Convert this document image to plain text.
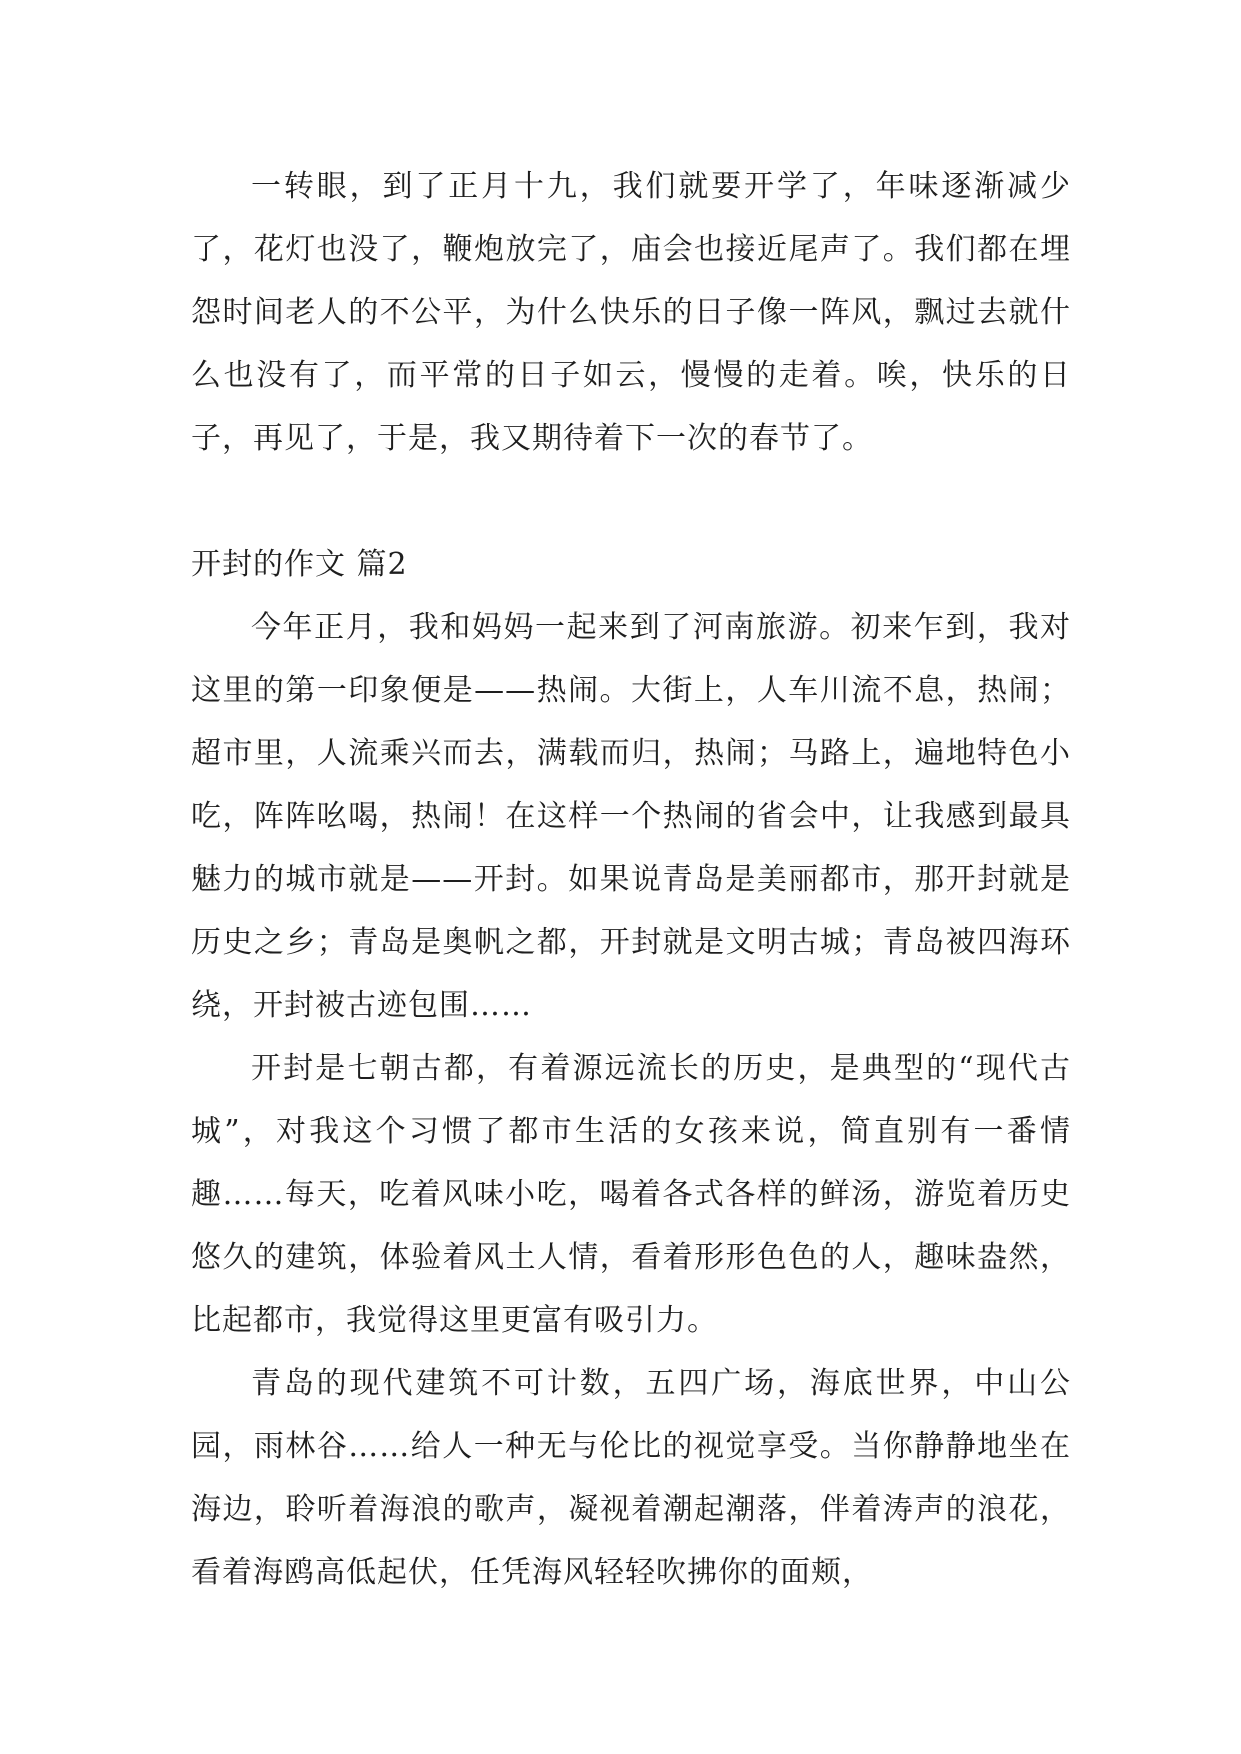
一转眼，到了正月十九，我们就要开学了，年味逐渐减少了，花灯也没了，鞭炮放完了，庙会也接近尾声了。我们都在埋怨时间老人的不公平，为什么快乐的日子像一阵风，飘过去就什么也没有了，而平常的日子如云，慢慢的走着。唉，快乐的日子，再见了，于是，我又期待着下一次的春节了。

开封的作文 篇2

今年正月，我和妈妈一起来到了河南旅游。初来乍到，我对这里的第一印象便是——热闹。大街上，人车川流不息，热闹；超市里，人流乘兴而去，满载而归，热闹；马路上，遍地特色小吃，阵阵吆喝，热闹！在这样一个热闹的省会中，让我感到最具魅力的城市就是——开封。如果说青岛是美丽都市，那开封就是历史之乡；青岛是奥帆之都，开封就是文明古城；青岛被四海环绕，开封被古迹包围……

开封是七朝古都，有着源远流长的历史，是典型的“现代古城”，对我这个习惯了都市生活的女孩来说，简直别有一番情趣……每天，吃着风味小吃，喝着各式各样的鲜汤，游览着历史悠久的建筑，体验着风土人情，看着形形色色的人，趣味盎然，比起都市，我觉得这里更富有吸引力。

青岛的现代建筑不可计数，五四广场，海底世界，中山公园，雨林谷……给人一种无与伦比的视觉享受。当你静静地坐在海边，聆听着海浪的歌声，凝视着潮起潮落，伴着涛声的浪花，看着海鸥高低起伏，任凭海风轻轻吹拂你的面颊，
